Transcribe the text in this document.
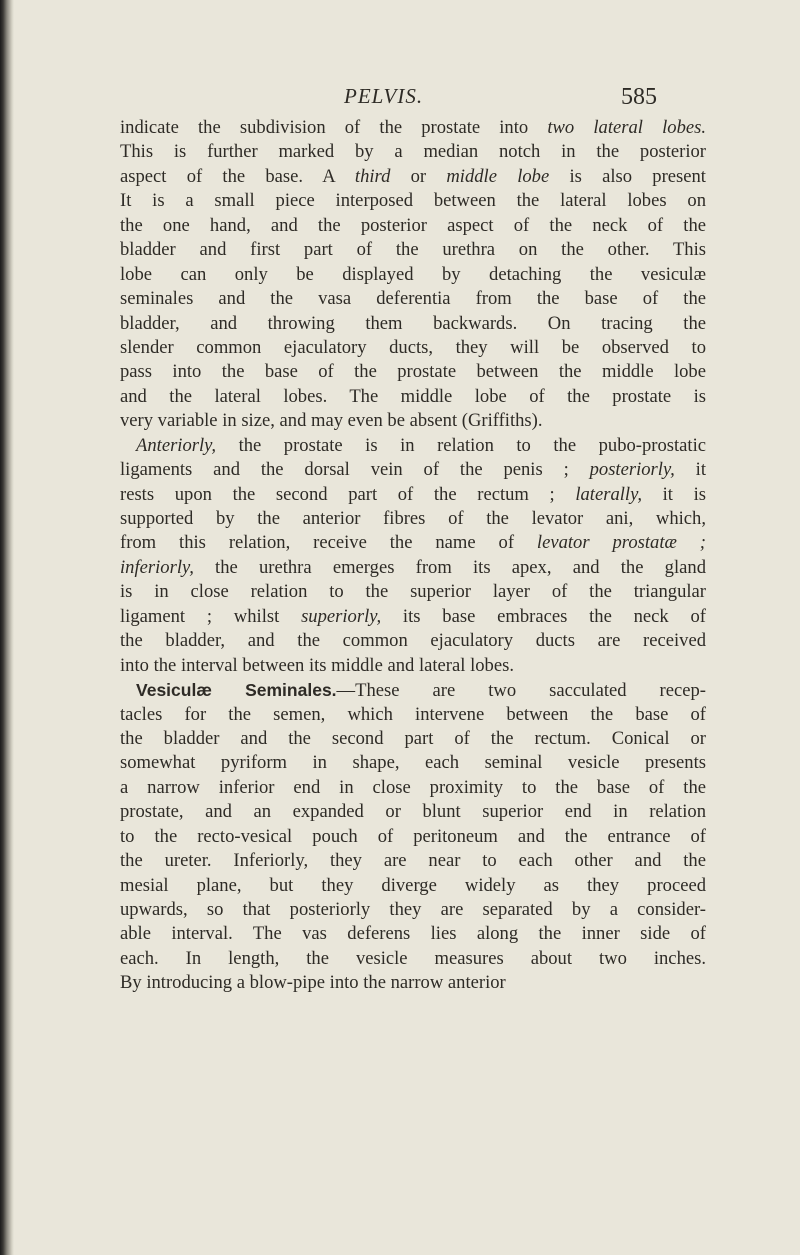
PELVIS.	585
indicate the subdivision of the prostate into two lateral lobes.
This is further marked by a median notch in the posterior
aspect of the base. A third or middle lobe is also present
It is a small piece interposed between the lateral lobes on
the one hand, and the posterior aspect of the neck of the
bladder and first part of the urethra on the other. This
lobe can only be displayed by detaching the vesiculæ
seminales and the vasa deferentia from the base of the
bladder, and throwing them backwards. On tracing the
slender common ejaculatory ducts, they will be observed to
pass into the base of the prostate between the middle lobe
and the lateral lobes. The middle lobe of the prostate is
very variable in size, and may even be absent (Griffiths).
Anteriorly, the prostate is in relation to the pubo-prostatic
ligaments and the dorsal vein of the penis ; posteriorly, it
rests upon the second part of the rectum ; laterally, it is
supported by the anterior fibres of the levator ani, which,
from this relation, receive the name of levator prostatæ ;
inferiorly, the urethra emerges from its apex, and the gland
is in close relation to the superior layer of the triangular
ligament ; whilst superiorly, its base embraces the neck of
the bladder, and the common ejaculatory ducts are received
into the interval between its middle and lateral lobes.
Vesiculæ Seminales.—These are two sacculated recep-
tacles for the semen, which intervene between the base of
the bladder and the second part of the rectum. Conical or
somewhat pyriform in shape, each seminal vesicle presents
a narrow inferior end in close proximity to the base of the
prostate, and an expanded or blunt superior end in relation
to the recto-vesical pouch of peritoneum and the entrance of
the ureter. Inferiorly, they are near to each other and the
mesial plane, but they diverge widely as they proceed
upwards, so that posteriorly they are separated by a consider-
able interval. The vas deferens lies along the inner side of
each. In length, the vesicle measures about two inches.
By introducing a blow-pipe into the narrow anterior
